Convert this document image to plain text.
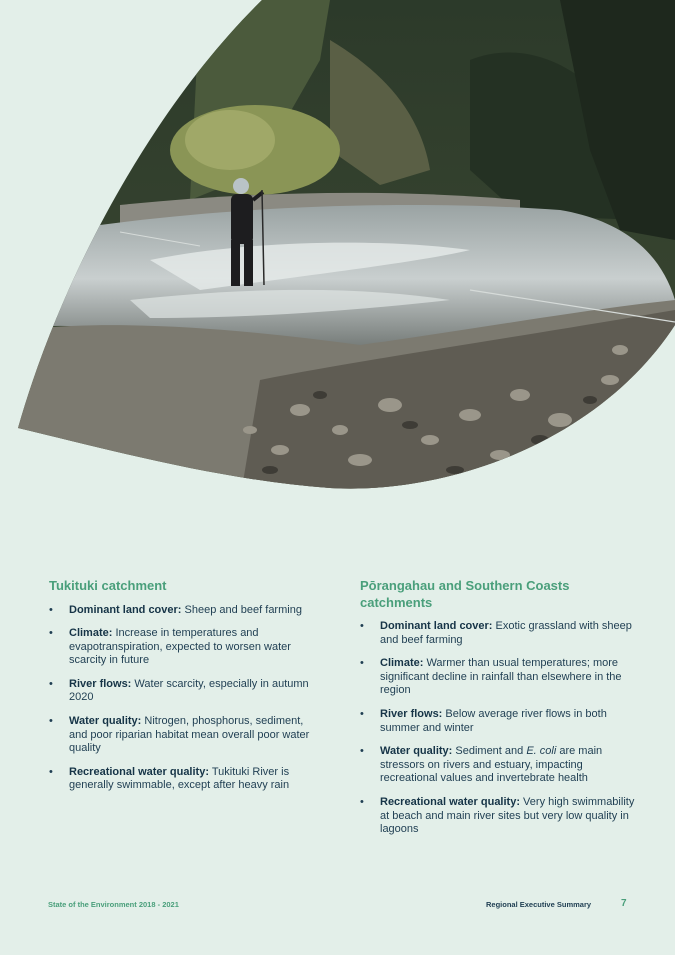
Tukituki catchment
• Dominant land cover: Sheep and beef farming
• Climate: Increase in temperatures and evapotranspiration, expected to worsen water scarcity in future
• River flows: Water scarcity, especially in autumn 2020
• Water quality: Nitrogen, phosphorus, sediment, and poor riparian habitat mean overall poor water quality
• Recreational water quality: Tukituki River is generally swimmable, except after heavy rain
Pōrangahau and Southern Coasts catchments
• Dominant land cover: Exotic grassland with sheep and beef farming
• Climate: Warmer than usual temperatures; more significant decline in rainfall than elsewhere in the region
• River flows: Below average river flows in both summer and winter
• Water quality: Sediment and E. coli are main stressors on rivers and estuary, impacting recreational values and invertebrate health
• Recreational water quality: Very high swimmability at beach and main river sites but very low quality in lagoons
State of the Environment 2018 - 2021	Regional Executive Summary	7
